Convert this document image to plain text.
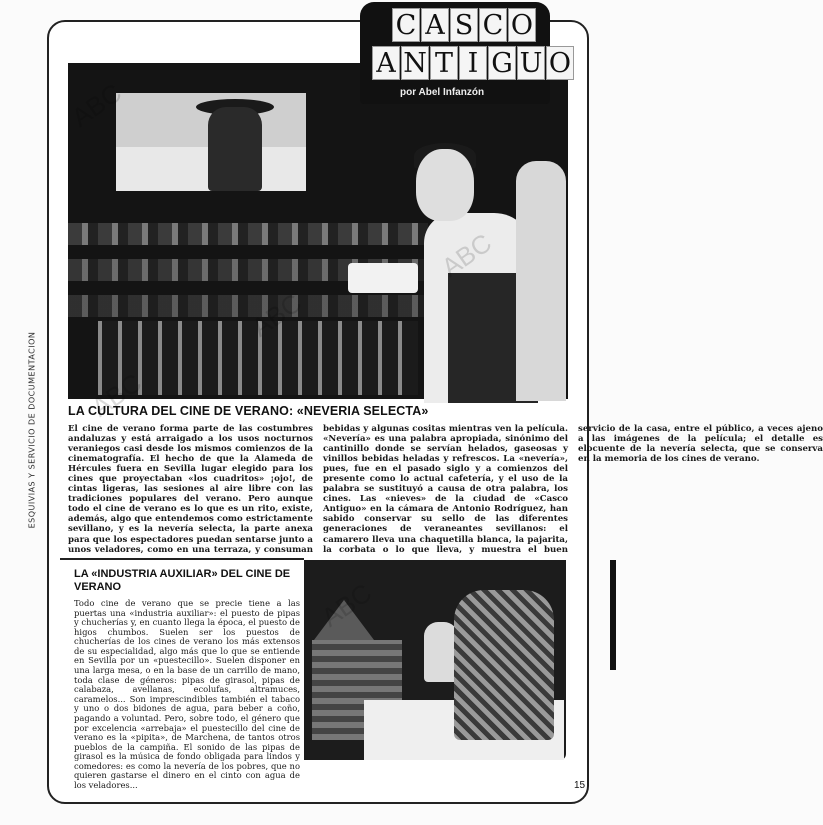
ESQUIVIAS Y SERVICIO DE DOCUMENTACION
C A S C O
A N T I G U O
por Abel Infanzón
LA CULTURA DEL CINE DE VERANO: «NEVERIA SELECTA»
El cine de verano forma parte de las costumbres andaluzas y está arraigado a los usos nocturnos veraniegos casi desde los mismos comienzos de la cinematografía. El hecho de que la Alameda de Hércules fuera en Sevilla lugar elegido para los cines que proyectaban «los cuadritos» ¡ojo!, de cintas ligeras, las sesiones al aire libre con las tradiciones populares del verano. Pero aunque todo el cine de verano es lo que es un rito, existe, además, algo que entendemos como estrictamente sevillano, y es la nevería selecta, la parte anexa para que los espectadores puedan sentarse junto a unos veladores, como en una terraza, y consuman bebidas y algunas cositas mientras ven la película. «Nevería» es una palabra apropiada, sinónimo del cantinillo donde se servían helados, gaseosas y vinillos bebidas heladas y refrescos. La «nevería», pues, fue en el pasado siglo y a comienzos del presente como lo actual cafetería, y el uso de la palabra se sustituyó a causa de otra palabra, los cines. Las «nieves» de la ciudad de «Casco Antiguo» en la cámara de Antonio Rodríguez, han sabido conservar su sello de las diferentes generaciones de veraneantes sevillanos: el camarero lleva una chaquetilla blanca, la pajarita, la corbata o lo que lleva, y muestra el buen servicio de la casa, entre el público, a veces ajeno a las imágenes de la película; el detalle es elocuente de la nevería selecta, que se conserva en la memoria de los cines de verano.
LA «INDUSTRIA AUXILIAR» DEL CINE DE VERANO
Todo cine de verano que se precie tiene a las puertas una «industria auxiliar»: el puesto de pipas y chucherías y, en cuanto llega la época, el puesto de higos chumbos. Suelen ser los puestos de chucherías de los cines de verano los más extensos de su especialidad, algo más que lo que se entiende en Sevilla por un «puestecillo». Suelen disponer en una larga mesa, o en la base de un carrillo de mano, toda clase de géneros: pipas de girasol, pipas de calabaza, avellanas, ecolufas, altramuces, caramelos... Son imprescindibles también el tabaco y uno o dos bidones de agua, para beber a coño, pagando a voluntad. Pero, sobre todo, el género que por excelencia «arrebaja» el puestecillo del cine de verano es la «pipita», de Marchena, de tantos otros pueblos de la campiña. El sonido de las pipas de girasol es la música de fondo obligada para lindos y comedores: es como la nevería de los pobres, que no quieren gastarse el dinero en el cinto con agua de los veladores...	15
